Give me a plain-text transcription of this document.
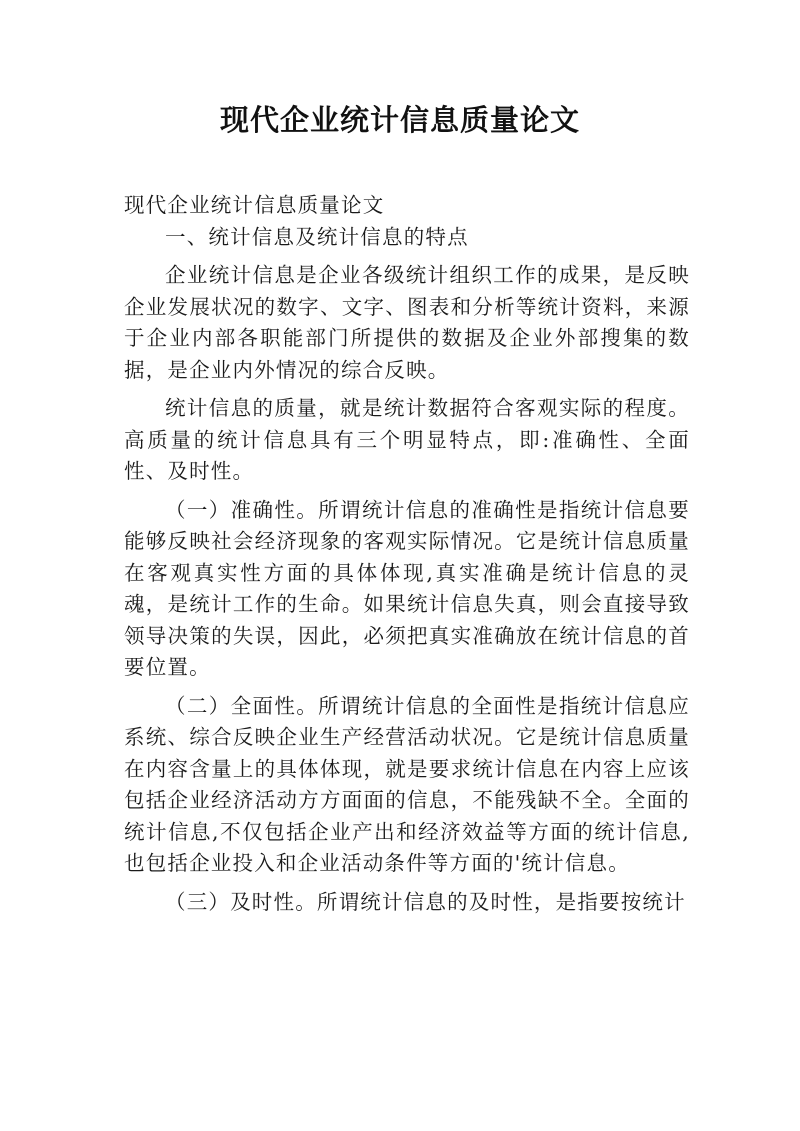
现代企业统计信息质量论文

现代企业统计信息质量论文

一、统计信息及统计信息的特点

企业统计信息是企业各级统计组织工作的成果，是反映企业发展状况的数字、文字、图表和分析等统计资料，来源于企业内部各职能部门所提供的数据及企业外部搜集的数据，是企业内外情况的综合反映。

统计信息的质量，就是统计数据符合客观实际的程度。高质量的统计信息具有三个明显特点，即:准确性、全面性、及时性。

（一）准确性。所谓统计信息的准确性是指统计信息要能够反映社会经济现象的客观实际情况。它是统计信息质量在客观真实性方面的具体体现,真实准确是统计信息的灵魂，是统计工作的生命。如果统计信息失真，则会直接导致领导决策的失误，因此，必须把真实准确放在统计信息的首要位置。

（二）全面性。所谓统计信息的全面性是指统计信息应系统、综合反映企业生产经营活动状况。它是统计信息质量在内容含量上的具体体现，就是要求统计信息在内容上应该包括企业经济活动方方面面的信息，不能残缺不全。全面的统计信息,不仅包括企业产出和经济效益等方面的统计信息,也包括企业投入和企业活动条件等方面的'统计信息。

（三）及时性。所谓统计信息的及时性，是指要按统计
